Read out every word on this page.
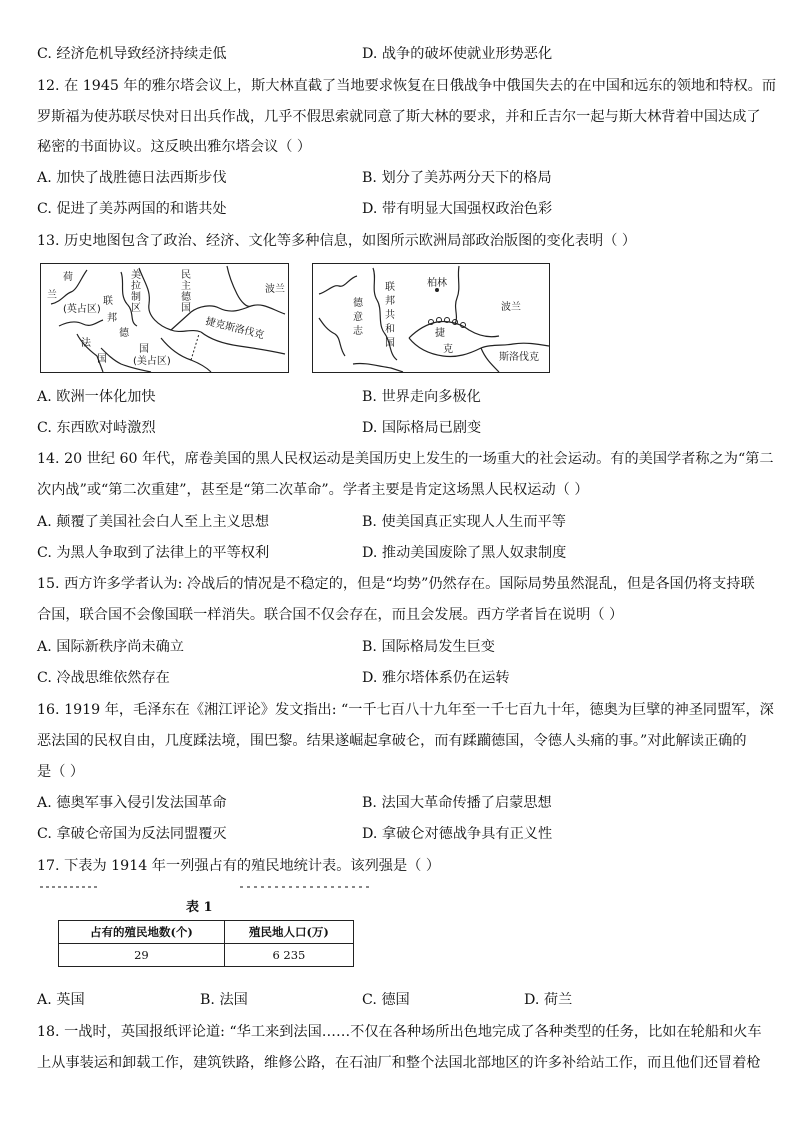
C. 经济危机导致经济持续走低	D. 战争的破坏使就业形势恶化
12. 在 1945 年的雅尔塔会议上，斯大林直截了当地要求恢复在日俄战争中俄国失去的在中国和远东的领地和特权。而
罗斯福为使苏联尽快对日出兵作战，几乎不假思索就同意了斯大林的要求，并和丘吉尔一起与斯大林背着中国达成了
秘密的书面协议。这反映出雅尔塔会议（ ）
A. 加快了战胜德日法西斯步伐	B. 划分了美苏两分天下的格局
C. 促进了美苏两国的和谐共处	D. 带有明显大国强权政治色彩
13. 历史地图包含了政治、经济、文化等多种信息，如图所示欧洲局部政治版图的变化表明（ ）
荷
兰
(英占区)
美
拉
制
区
联
邦
德
国
(美占区)
民
主
德
国
波兰
捷克斯洛伐克
法
国
德
意
志
联
邦
共
和
国
柏林
波兰
捷
克
斯洛伐克
A. 欧洲一体化加快	B. 世界走向多极化
C. 东西欧对峙激烈	D. 国际格局已剧变
14. 20 世纪 60 年代，席卷美国的黑人民权运动是美国历史上发生的一场重大的社会运动。有的美国学者称之为“第二
次内战”或“第二次重建”，甚至是“第二次革命”。学者主要是肯定这场黑人民权运动（ ）
A. 颠覆了美国社会白人至上主义思想	B. 使美国真正实现人人生而平等
C. 为黑人争取到了法律上的平等权利	D. 推动美国废除了黑人奴隶制度
15. 西方许多学者认为: 冷战后的情况是不稳定的，但是“均势”仍然存在。国际局势虽然混乱，但是各国仍将支持联
合国，联合国不会像国联一样消失。联合国不仅会存在，而且会发展。西方学者旨在说明（ ）
A. 国际新秩序尚未确立	B. 国际格局发生巨变
C. 冷战思维依然存在	D. 雅尔塔体系仍在运转
16. 1919 年，毛泽东在《湘江评论》发文指出: “一千七百八十九年至一千七百九十年，德奥为巨擘的神圣同盟军，深
恶法国的民权自由，几度蹂法境，围巴黎。结果遂崛起拿破仑，而有蹂躏德国，令德人头痛的事。”对此解读正确的
是（ ）
A. 德奥军事入侵引发法国革命	B. 法国大革命传播了启蒙思想
C. 拿破仑帝国为反法同盟覆灭	D. 拿破仑对德战争具有正义性
17. 下表为 1914 年一列强占有的殖民地统计表。该列强是（ ）
表 1
占有的殖民地数(个)	殖民地人口(万)
29	6 235
A. 英国	B. 法国	C. 德国	D. 荷兰
18. 一战时，英国报纸评论道: “华工来到法国……不仅在各种场所出色地完成了各种类型的任务，比如在轮船和火车
上从事装运和卸载工作，建筑铁路，维修公路，在石油厂和整个法国北部地区的许多补给站工作，而且他们还冒着枪
